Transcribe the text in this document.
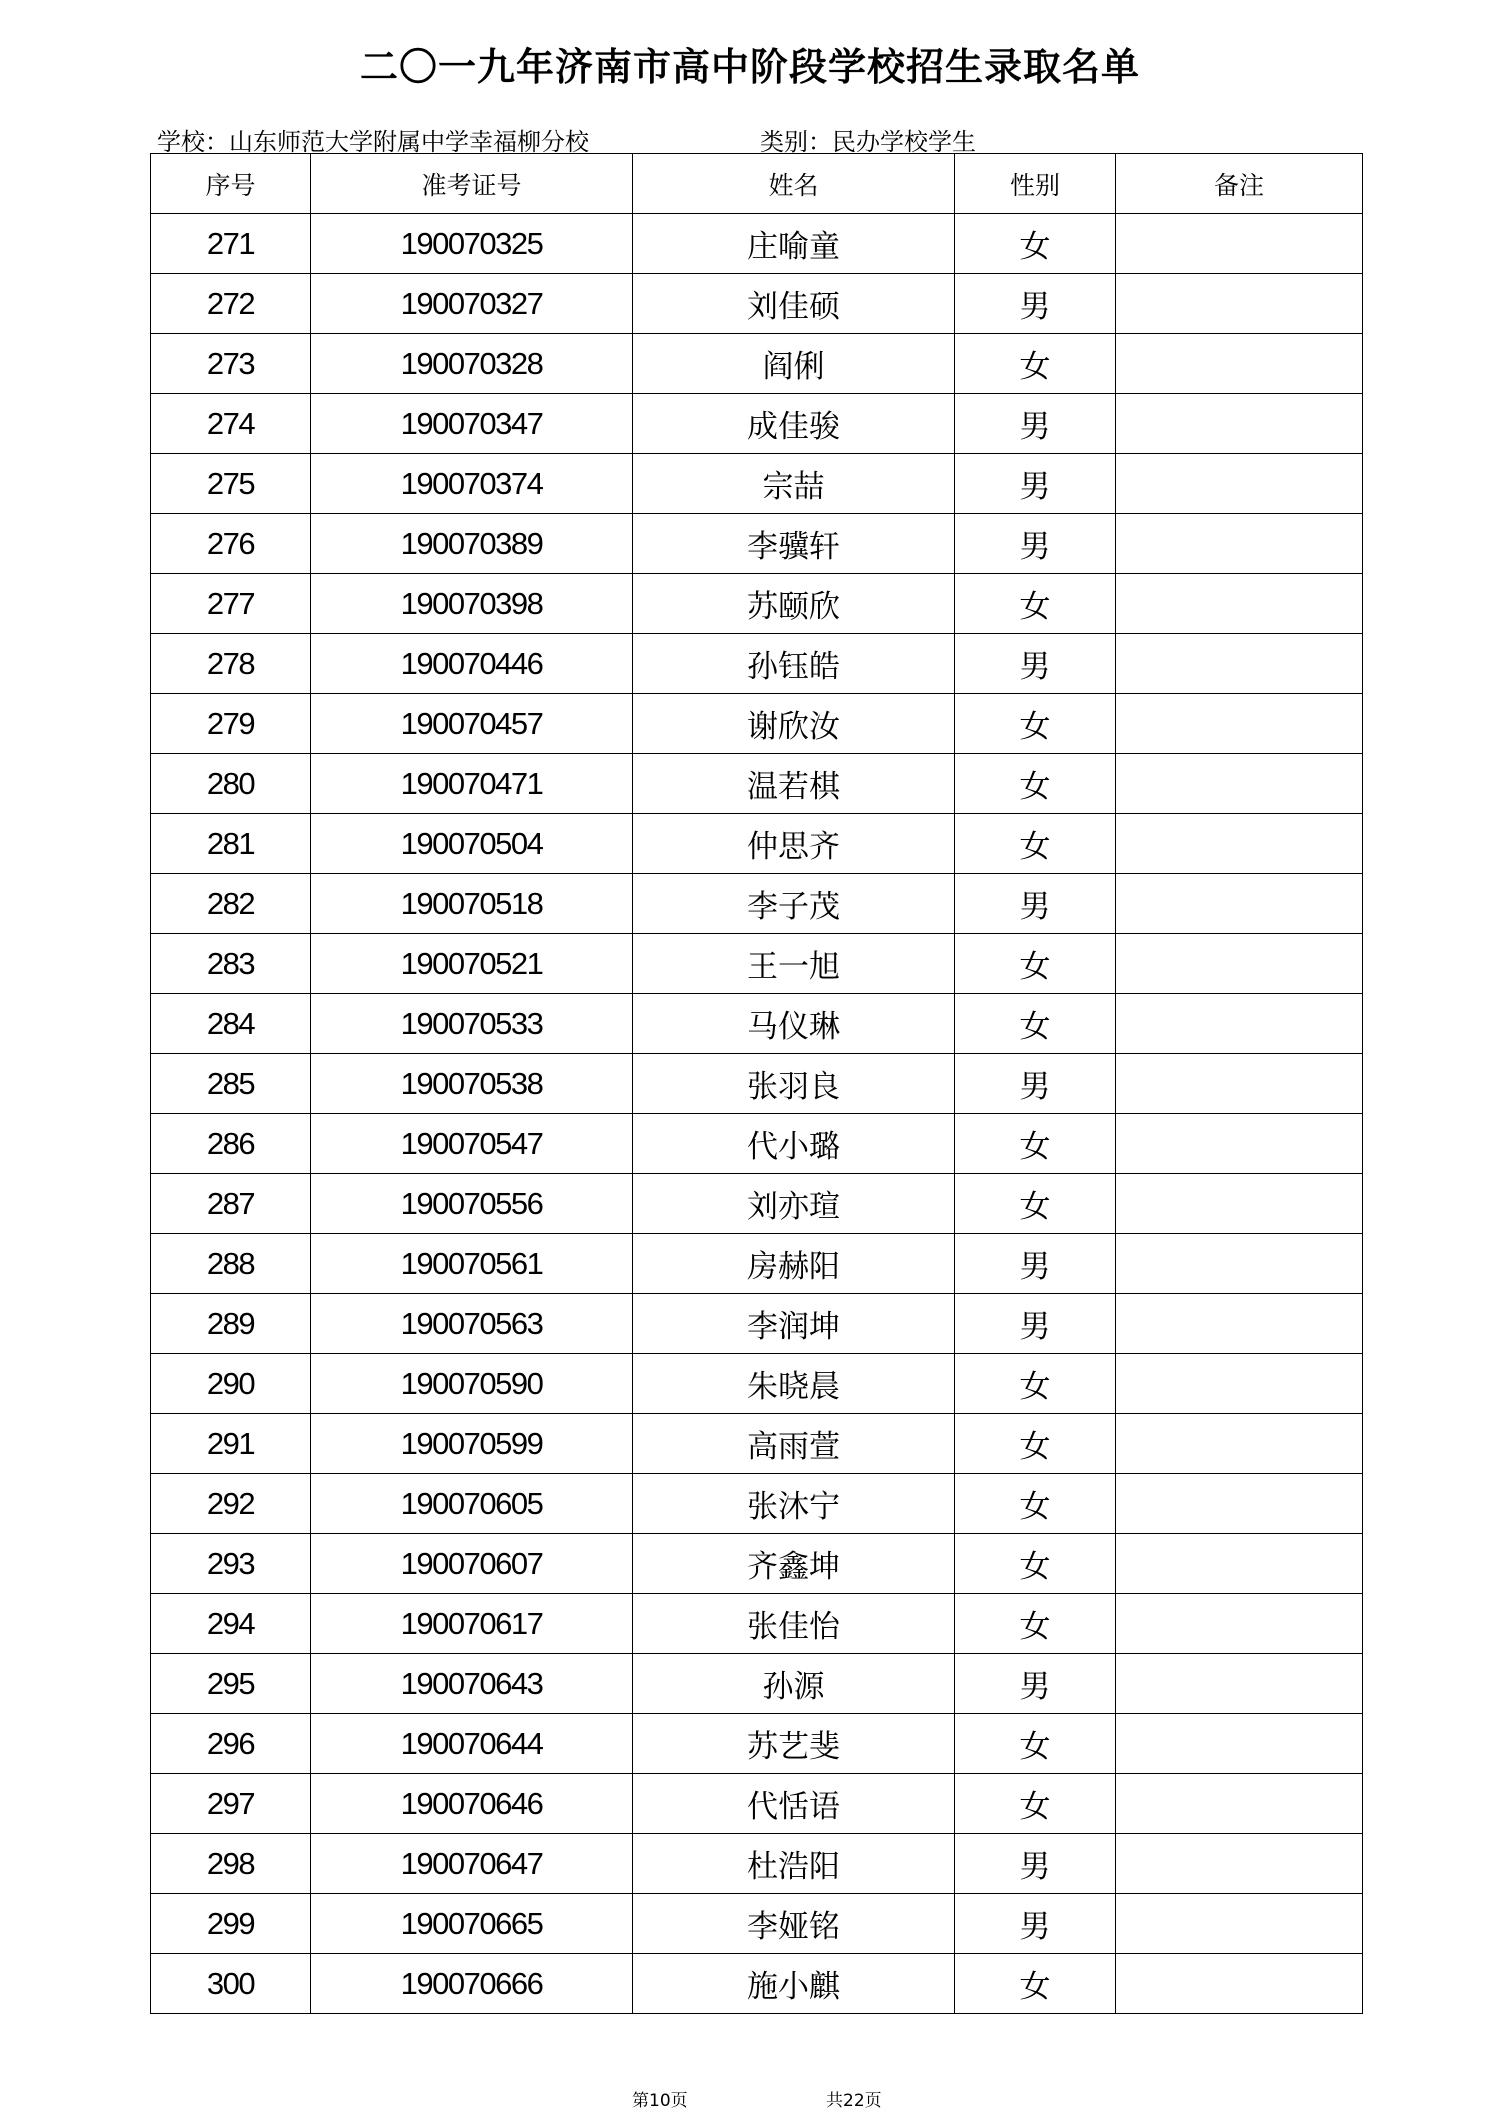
二〇一九年济南市高中阶段学校招生录取名单
学校：山东师范大学附属中学幸福柳分校	类别：民办学校学生
序号	准考证号	姓名	性别	备注
271	190070325	庄喻童	女	
272	190070327	刘佳硕	男	
273	190070328	阎俐	女	
274	190070347	成佳骏	男	
275	190070374	宗喆	男	
276	190070389	李骥轩	男	
277	190070398	苏颐欣	女	
278	190070446	孙钰皓	男	
279	190070457	谢欣汝	女	
280	190070471	温若棋	女	
281	190070504	仲思齐	女	
282	190070518	李子茂	男	
283	190070521	王一旭	女	
284	190070533	马仪琳	女	
285	190070538	张羽良	男	
286	190070547	代小璐	女	
287	190070556	刘亦瑄	女	
288	190070561	房赫阳	男	
289	190070563	李润坤	男	
290	190070590	朱晓晨	女	
291	190070599	高雨萱	女	
292	190070605	张沐宁	女	
293	190070607	齐鑫坤	女	
294	190070617	张佳怡	女	
295	190070643	孙源	男	
296	190070644	苏艺斐	女	
297	190070646	代恬语	女	
298	190070647	杜浩阳	男	
299	190070665	李娅铭	男	
300	190070666	施小麒	女	
第10页	共22页
